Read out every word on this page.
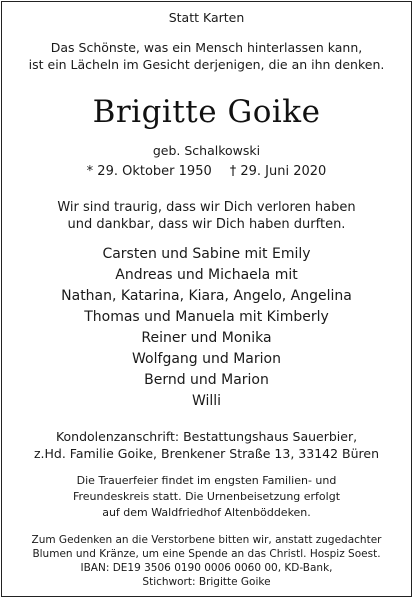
Statt Karten
Das Schönste, was ein Mensch hinterlassen kann,
ist ein Lächeln im Gesicht derjenigen, die an ihn denken.
Brigitte Goike
geb. Schalkowski
* 29. Oktober 1950 † 29. Juni 2020
Wir sind traurig, dass wir Dich verloren haben
und dankbar, dass wir Dich haben durften.
Carsten und Sabine mit Emily
Andreas und Michaela mit
Nathan, Katarina, Kiara, Angelo, Angelina
Thomas und Manuela mit Kimberly
Reiner und Monika
Wolfgang und Marion
Bernd und Marion
Willi
Kondolenzanschrift: Bestattungshaus Sauerbier,
z.Hd. Familie Goike, Brenkener Straße 13, 33142 Büren
Die Trauerfeier findet im engsten Familien- und
Freundeskreis statt. Die Urnenbeisetzung erfolgt
auf dem Waldfriedhof Altenböddeken.
Zum Gedenken an die Verstorbene bitten wir, anstatt zugedachter
Blumen und Kränze, um eine Spende an das Christl. Hospiz Soest.
IBAN: DE19 3506 0190 0006 0060 00, KD-Bank,
Stichwort: Brigitte Goike
